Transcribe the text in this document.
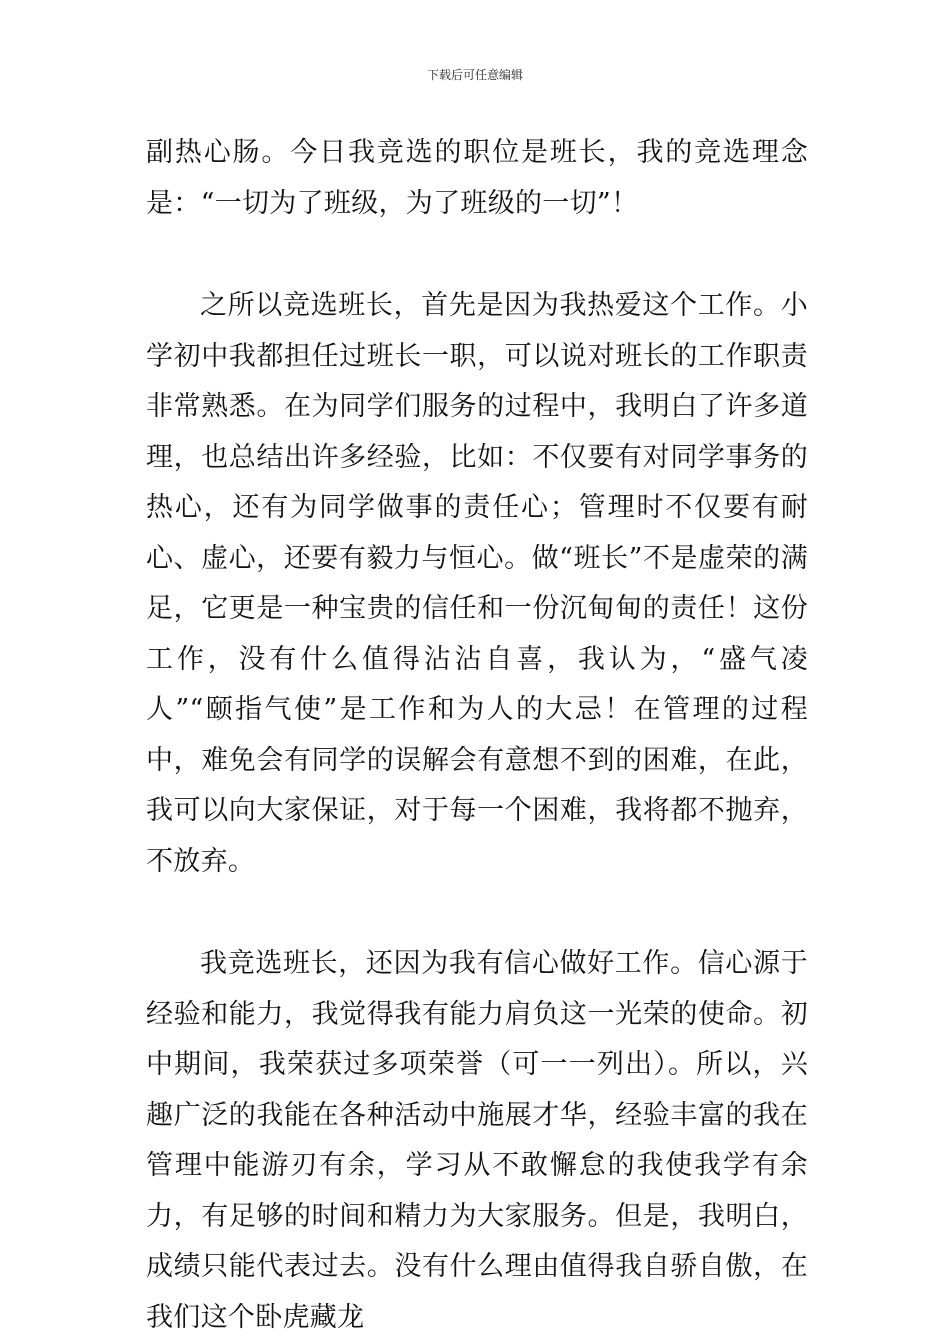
下载后可任意编辑

副热心肠。今日我竞选的职位是班长，我的竞选理念是：“一切为了班级，为了班级的一切”！

之所以竞选班长，首先是因为我热爱这个工作。小学初中我都担任过班长一职，可以说对班长的工作职责非常熟悉。在为同学们服务的过程中，我明白了许多道理，也总结出许多经验，比如：不仅要有对同学事务的热心，还有为同学做事的责任心；管理时不仅要有耐心、虚心，还要有毅力与恒心。做“班长”不是虚荣的满足，它更是一种宝贵的信任和一份沉甸甸的责任！这份工作，没有什么值得沾沾自喜，我认为，“盛气凌人”“颐指气使”是工作和为人的大忌！在管理的过程中，难免会有同学的误解会有意想不到的困难，在此，我可以向大家保证，对于每一个困难，我将都不抛弃，不放弃。

我竞选班长，还因为我有信心做好工作。信心源于经验和能力，我觉得我有能力肩负这一光荣的使命。初中期间，我荣获过多项荣誉（可一一列出）。所以，兴趣广泛的我能在各种活动中施展才华，经验丰富的我在管理中能游刃有余，学习从不敢懈怠的我使我学有余力，有足够的时间和精力为大家服务。但是，我明白，成绩只能代表过去。没有什么理由值得我自骄自傲，在我们这个卧虎藏龙
